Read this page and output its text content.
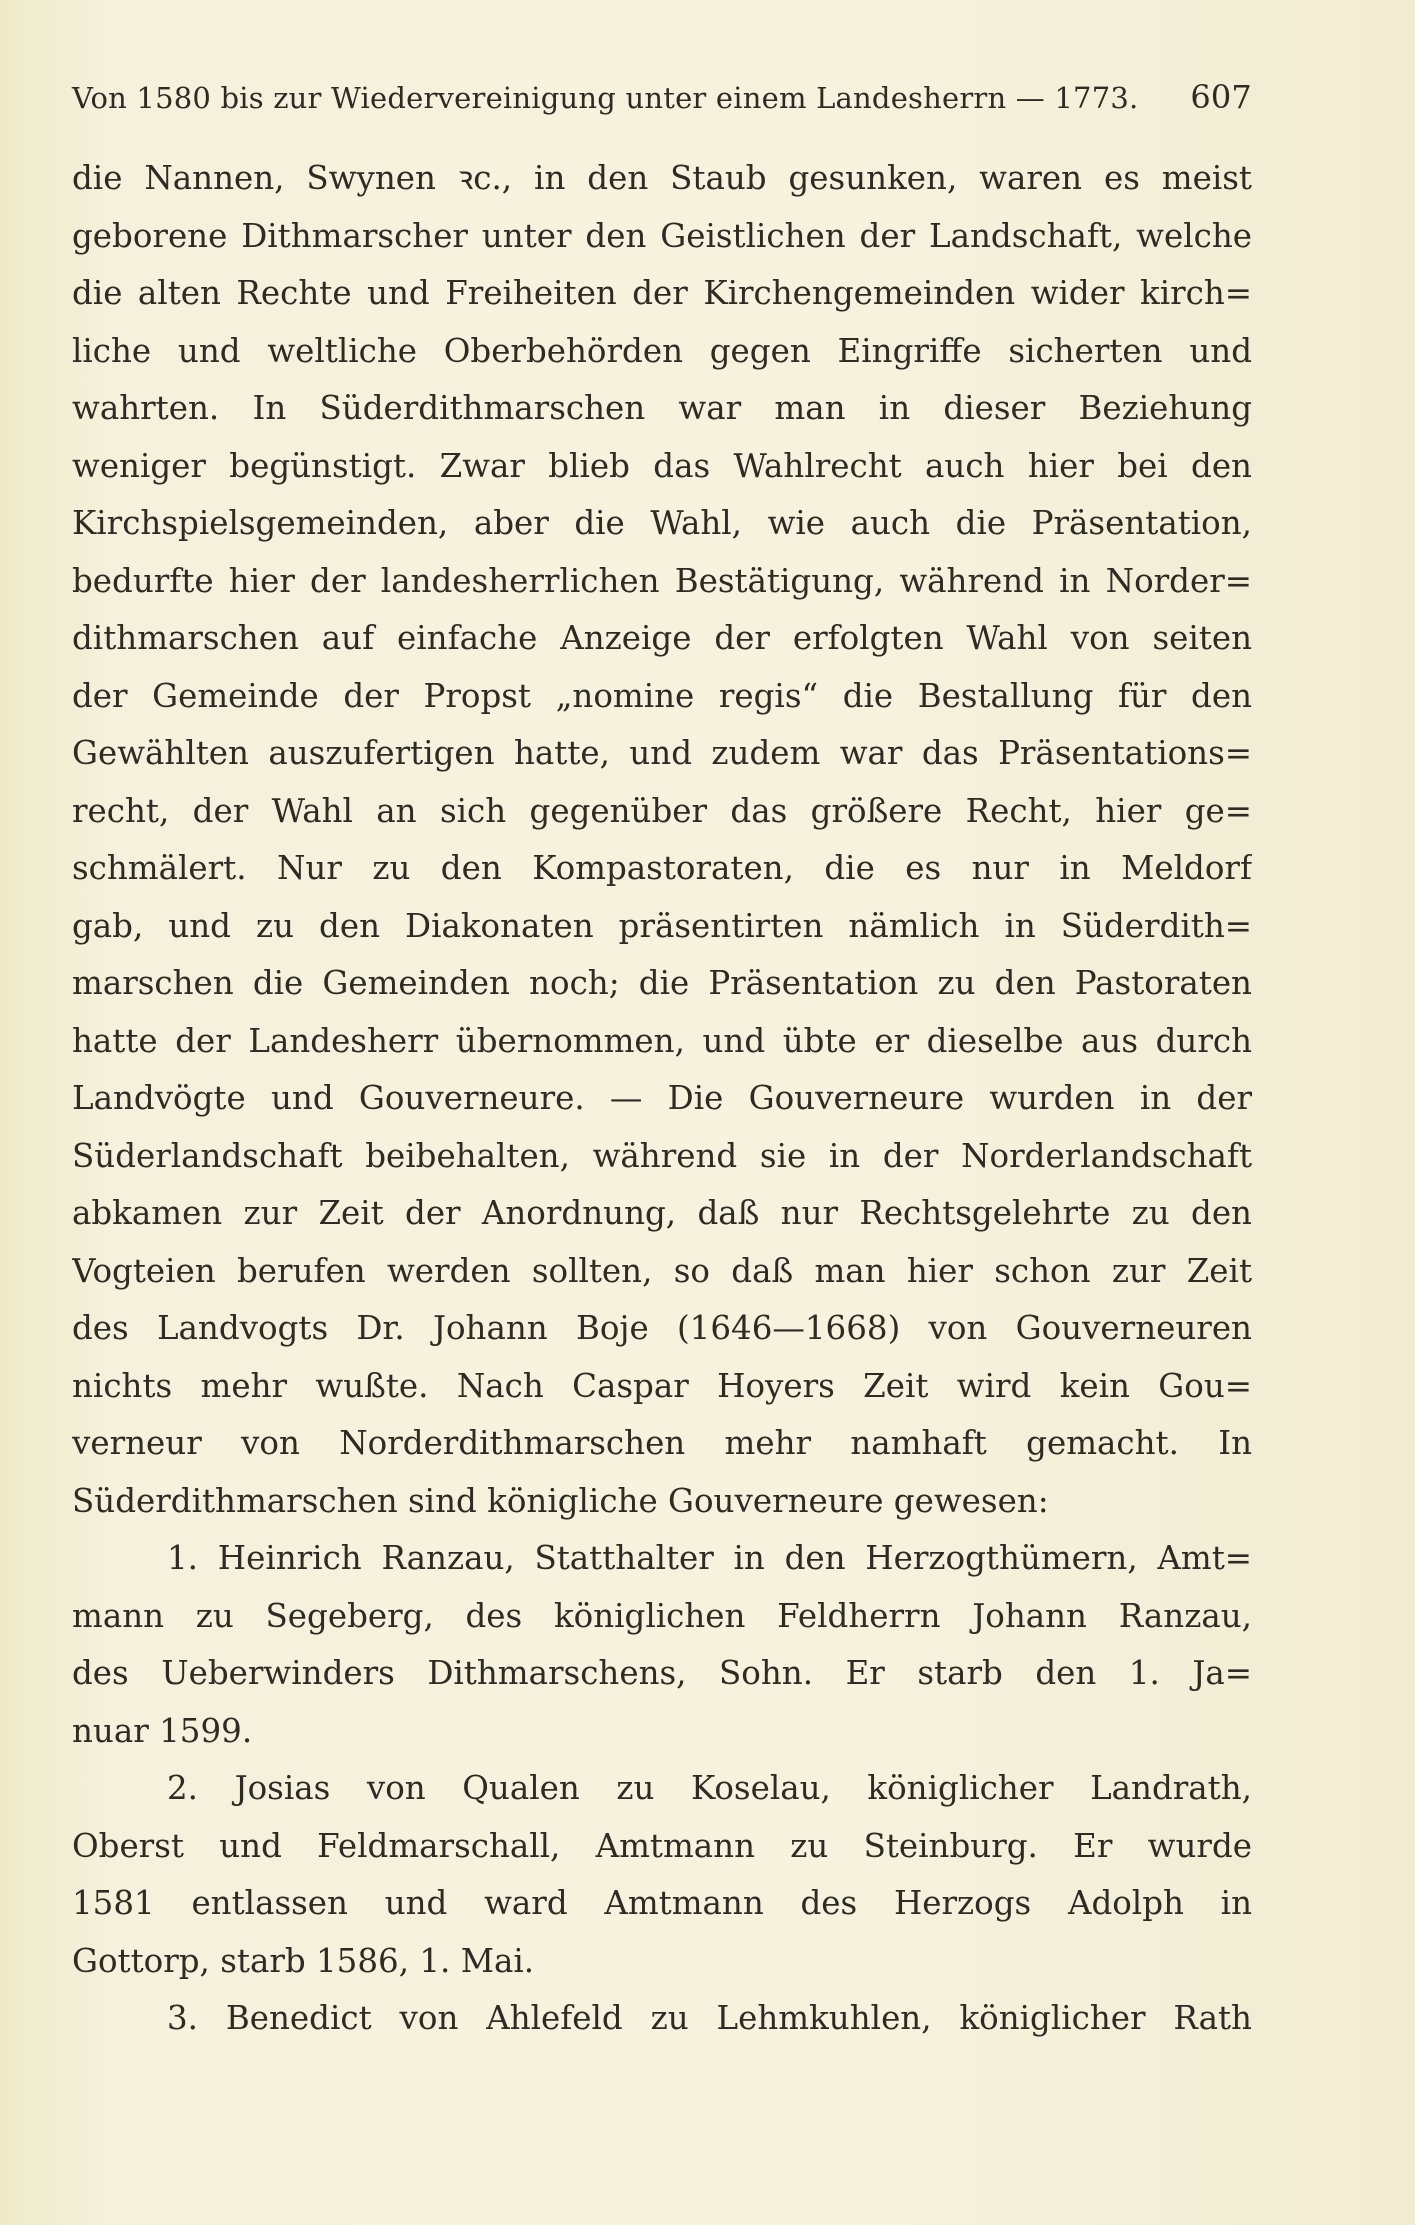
Von 1580 bis zur Wiedervereinigung unter einem Landesherrn — 1773. 607
die Nannen, Swynen ꝛc., in den Staub gesunken, waren es meist
geborene Dithmarscher unter den Geistlichen der Landschaft, welche
die alten Rechte und Freiheiten der Kirchengemeinden wider kirch=
liche und weltliche Oberbehörden gegen Eingriffe sicherten und
wahrten. In Süderdithmarschen war man in dieser Beziehung
weniger begünstigt. Zwar blieb das Wahlrecht auch hier bei den
Kirchspielsgemeinden, aber die Wahl, wie auch die Präsentation,
bedurfte hier der landesherrlichen Bestätigung, während in Norder=
dithmarschen auf einfache Anzeige der erfolgten Wahl von seiten
der Gemeinde der Propst „nomine regis“ die Bestallung für den
Gewählten auszufertigen hatte, und zudem war das Präsentations=
recht, der Wahl an sich gegenüber das größere Recht, hier ge=
schmälert. Nur zu den Kompastoraten, die es nur in Meldorf
gab, und zu den Diakonaten präsentirten nämlich in Süderdith=
marschen die Gemeinden noch; die Präsentation zu den Pastoraten
hatte der Landesherr übernommen, und übte er dieselbe aus durch
Landvögte und Gouverneure. — Die Gouverneure wurden in der
Süderlandschaft beibehalten, während sie in der Norderlandschaft
abkamen zur Zeit der Anordnung, daß nur Rechtsgelehrte zu den
Vogteien berufen werden sollten, so daß man hier schon zur Zeit
des Landvogts Dr. Johann Boje (1646—1668) von Gouverneuren
nichts mehr wußte. Nach Caspar Hoyers Zeit wird kein Gou=
verneur von Norderdithmarschen mehr namhaft gemacht. In
Süderdithmarschen sind königliche Gouverneure gewesen:
1. Heinrich Ranzau, Statthalter in den Herzogthümern, Amt=
mann zu Segeberg, des königlichen Feldherrn Johann Ranzau,
des Ueberwinders Dithmarschens, Sohn. Er starb den 1. Ja=
nuar 1599.
2. Josias von Qualen zu Koselau, königlicher Landrath,
Oberst und Feldmarschall, Amtmann zu Steinburg. Er wurde
1581 entlassen und ward Amtmann des Herzogs Adolph in
Gottorp, starb 1586, 1. Mai.
3. Benedict von Ahlefeld zu Lehmkuhlen, königlicher Rath
